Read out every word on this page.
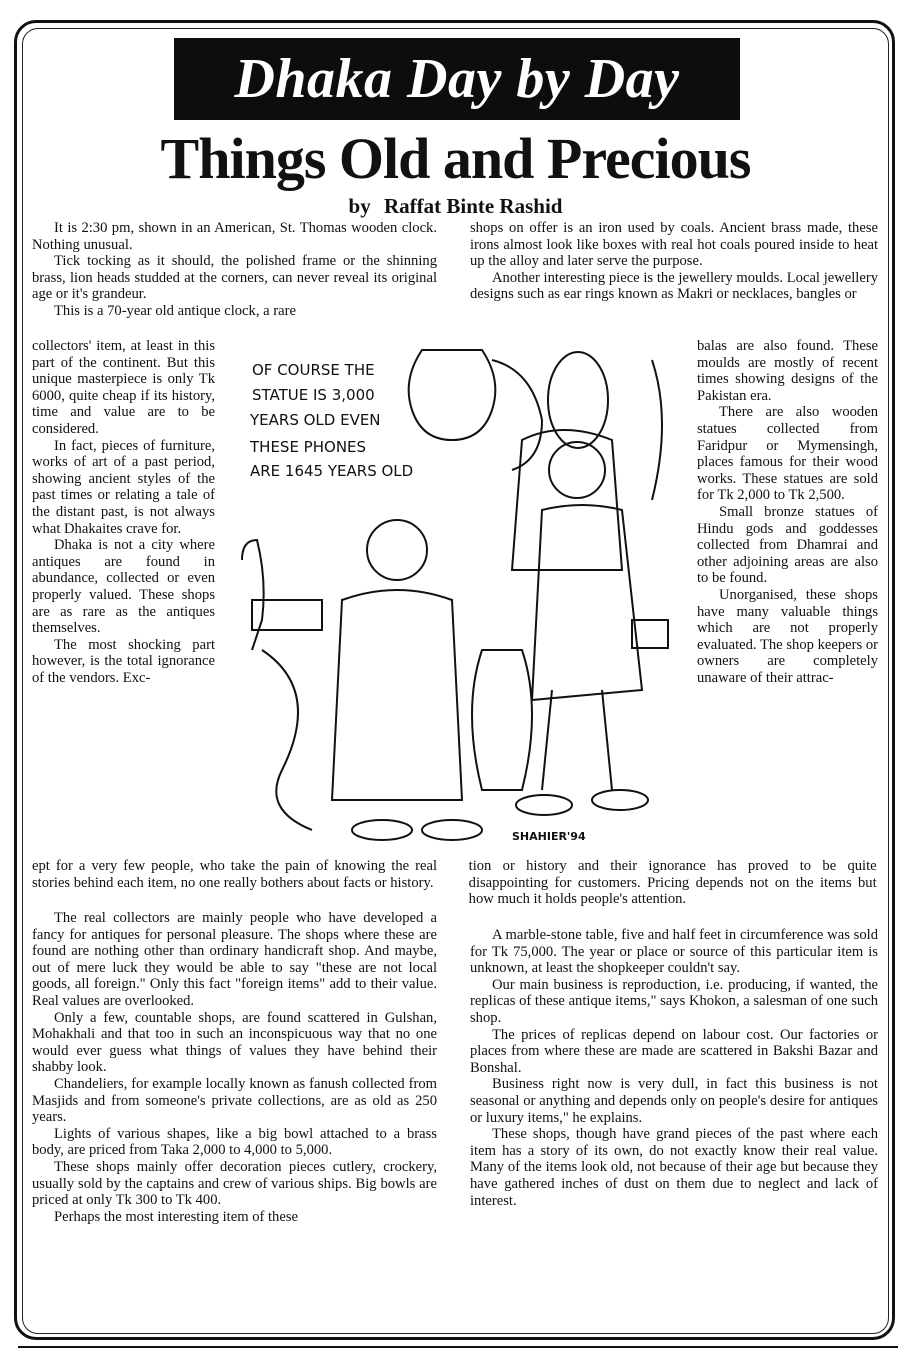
Dhaka Day by Day
Things Old and Precious
by Raffat Binte Rashid

It is 2:30 pm, shown in an American, St. Thomas wooden clock. Nothing unusual.

Tick tocking as it should, the polished frame or the shinning brass, lion heads studded at the corners, can never reveal its original age or it's grandeur.

This is a 70-year old antique clock, a rare

collectors' item, at least in this part of the continent. But this unique masterpiece is only Tk 6000, quite cheap if its history, time and value are to be considered.

In fact, pieces of furniture, works of art of a past period, showing ancient styles of the past times or relating a tale of the distant past, is not always what Dhakaites crave for.

Dhaka is not a city where antiques are found in abundance, collected or even properly valued. These shops are as rare as the antiques themselves.

The most shocking part however, is the total ignorance of the vendors. Exc-

shops on offer is an iron used by coals. Ancient brass made, these irons almost look like boxes with real hot coals poured inside to heat up the alloy and later serve the purpose.

Another interesting piece is the jewellery moulds. Local jewellery designs such as ear rings known as Makri or necklaces, bangles or

balas are also found. These moulds are mostly of recent times showing designs of the Pakistan era.

There are also wooden statues collected from Faridpur or Mymensingh, places famous for their wood works. These statues are sold for Tk 2,000 to Tk 2,500.

Small bronze statues of Hindu gods and goddesses collected from Dhamrai and other adjoining areas are also to be found.

Unorganised, these shops have many valuable things which are not properly evaluated. The shop keepers or owners are completely unaware of their attrac-

OF COURSE THE
STATUE IS 3,000
YEARS OLD EVEN
THESE PHONES
ARE 1645 YEARS OLD
SHAHIER'94
ept for a very few people, who take the pain of knowing the real stories behind each item, no one really bothers about facts or history. tion or history and their ignorance has proved to be quite disappointing for customers. Pricing depends not on the items but how much it holds people's attention.

The real collectors are mainly people who have developed a fancy for antiques for personal pleasure. The shops where these are found are nothing other than ordinary handicraft shop. And maybe, out of mere luck they would be able to say "these are not local goods, all foreign." Only this fact "foreign items" add to their value. Real values are overlooked.

Only a few, countable shops, are found scattered in Gulshan, Mohakhali and that too in such an inconspicuous way that no one would ever guess what things of values they have behind their shabby look.

Chandeliers, for example locally known as fanush collected from Masjids and from someone's private collections, are as old as 250 years.

Lights of various shapes, like a big bowl attached to a brass body, are priced from Taka 2,000 to 4,000 to 5,000.

These shops mainly offer decoration pieces cutlery, crockery, usually sold by the captains and crew of various ships. Big bowls are priced at only Tk 300 to Tk 400.

Perhaps the most interesting item of these

A marble-stone table, five and half feet in circumference was sold for Tk 75,000. The year or place or source of this particular item is unknown, at least the shopkeeper couldn't say.

Our main business is reproduction, i.e. producing, if wanted, the replicas of these antique items," says Khokon, a salesman of one such shop.

The prices of replicas depend on labour cost. Our factories or places from where these are made are scattered in Bakshi Bazar and Bonshal.

Business right now is very dull, in fact this business is not seasonal or anything and depends only on people's desire for antiques or luxury items," he explains.

These shops, though have grand pieces of the past where each item has a story of its own, do not exactly know their real value. Many of the items look old, not because of their age but because they have gathered inches of dust on them due to neglect and lack of interest.
